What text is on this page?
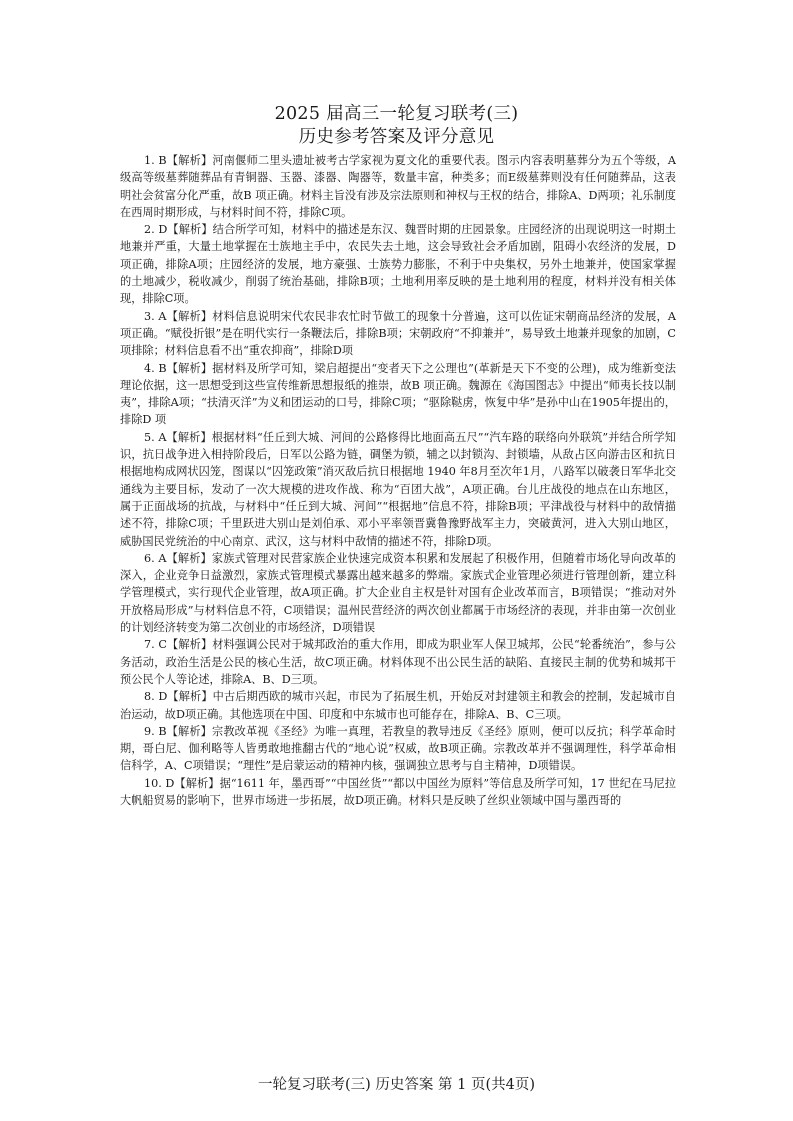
2025 届高三一轮复习联考(三)
历史参考答案及评分意见

1. B【解析】河南偃师二里头遗址被考古学家视为夏文化的重要代表。图示内容表明墓葬分为五个等级，A级高等级墓葬随葬品有青铜器、玉器、漆器、陶器等，数量丰富，种类多；而E级墓葬则没有任何随葬品，这表明社会贫富分化严重，故B 项正确。材料主旨没有涉及宗法原则和神权与王权的结合，排除A、D两项；礼乐制度在西周时期形成，与材料时间不符，排除C项。

2. D【解析】结合所学可知，材料中的描述是东汉、魏晋时期的庄园景象。庄园经济的出现说明这一时期土地兼并严重，大量土地掌握在士族地主手中，农民失去土地，这会导致社会矛盾加剧，阻碍小农经济的发展，D项正确，排除A项；庄园经济的发展，地方豪强、士族势力膨胀，不利于中央集权，另外土地兼并，使国家掌握的土地减少，税收减少，削弱了统治基础，排除B项；土地利用率反映的是土地利用的程度，材料并没有相关体现，排除C项。

3. A【解析】材料信息说明宋代农民非农忙时节做工的现象十分普遍，这可以佐证宋朝商品经济的发展，A项正确。“赋役折银”是在明代实行一条鞭法后，排除B项；宋朝政府“不抑兼并”，易导致土地兼并现象的加剧，C项排除；材料信息看不出“重农抑商”，排除D项

4. B【解析】据材料及所学可知，梁启超提出“变者天下之公理也”(革新是天下不变的公理)，成为维新变法理论依据，这一思想受到这些宣传维新思想报纸的推崇，故B 项正确。魏源在《海国图志》中提出“师夷长技以制夷”，排除A项；“扶清灭洋”为义和团运动的口号，排除C项；“驱除鞑虏，恢复中华”是孙中山在1905年提出的，排除D 项

5. A【解析】根据材料“任丘到大城、河间的公路修得比地面高五尺”“汽车路的联络向外联筑”并结合所学知识，抗日战争进入相持阶段后，日军以公路为链，碉堡为锁，辅之以封锁沟、封锁墙，从敌占区向游击区和抗日根据地构成网状囚笼，图谋以“囚笼政策”消灭敌后抗日根据地 1940 年8月至次年1月，八路军以破袭日军华北交通线为主要目标，发动了一次大规模的进攻作战、称为“百团大战”，A项正确。台儿庄战役的地点在山东地区，属于正面战场的抗战，与材料中“任丘到大城、河间”“根据地”信息不符，排除B项；平津战役与材料中的敌情描述不符，排除C项；千里跃进大别山是刘伯承、邓小平率领晋冀鲁豫野战军主力，突破黄河，进入大别山地区，威胁国民党统治的中心南京、武汉，这与材料中敌情的描述不符，排除D项。

6. A【解析】家族式管理对民营家族企业快速完成资本积累和发展起了积极作用，但随着市场化导向改革的深入，企业竞争日益激烈，家族式管理模式暴露出越来越多的弊端。家族式企业管理必须进行管理创新，建立科学管理模式，实行现代企业管理，故A项正确。扩大企业自主权是针对国有企业改革而言，B项错误；“推动对外开放格局形成”与材料信息不符，C项错误；温州民营经济的两次创业都属于市场经济的表现，并非由第一次创业的计划经济转变为第二次创业的市场经济，D项错误

7. C【解析】材料强调公民对于城邦政治的重大作用，即成为职业军人保卫城邦，公民“轮番统治”，参与公务活动，政治生活是公民的核心生活，故C项正确。材料体现不出公民生活的缺陷、直接民主制的优势和城邦干预公民个人等论述，排除A、B、D三项。

8. D【解析】中古后期西欧的城市兴起，市民为了拓展生机，开始反对封建领主和教会的控制，发起城市自治运动，故D项正确。其他选项在中国、印度和中东城市也可能存在，排除A、B、C三项。

9. B【解析】宗教改革视《圣经》为唯一真理，若教皇的教导违反《圣经》原则，便可以反抗；科学革命时期，哥白尼、伽利略等人皆勇敢地推翻古代的“地心说”权威，故B项正确。宗教改革并不强调理性，科学革命相信科学，A、C项错误；“理性”是启蒙运动的精神内核，强调独立思考与自主精神，D项错误。

10. D【解析】据“1611 年，墨西哥”“中国丝货”“都以中国丝为原料”等信息及所学可知，17 世纪在马尼拉大帆船贸易的影响下，世界市场进一步拓展，故D项正确。材料只是反映了丝织业领域中国与墨西哥的

一轮复习联考(三) 历史答案 第 1 页(共4页)
